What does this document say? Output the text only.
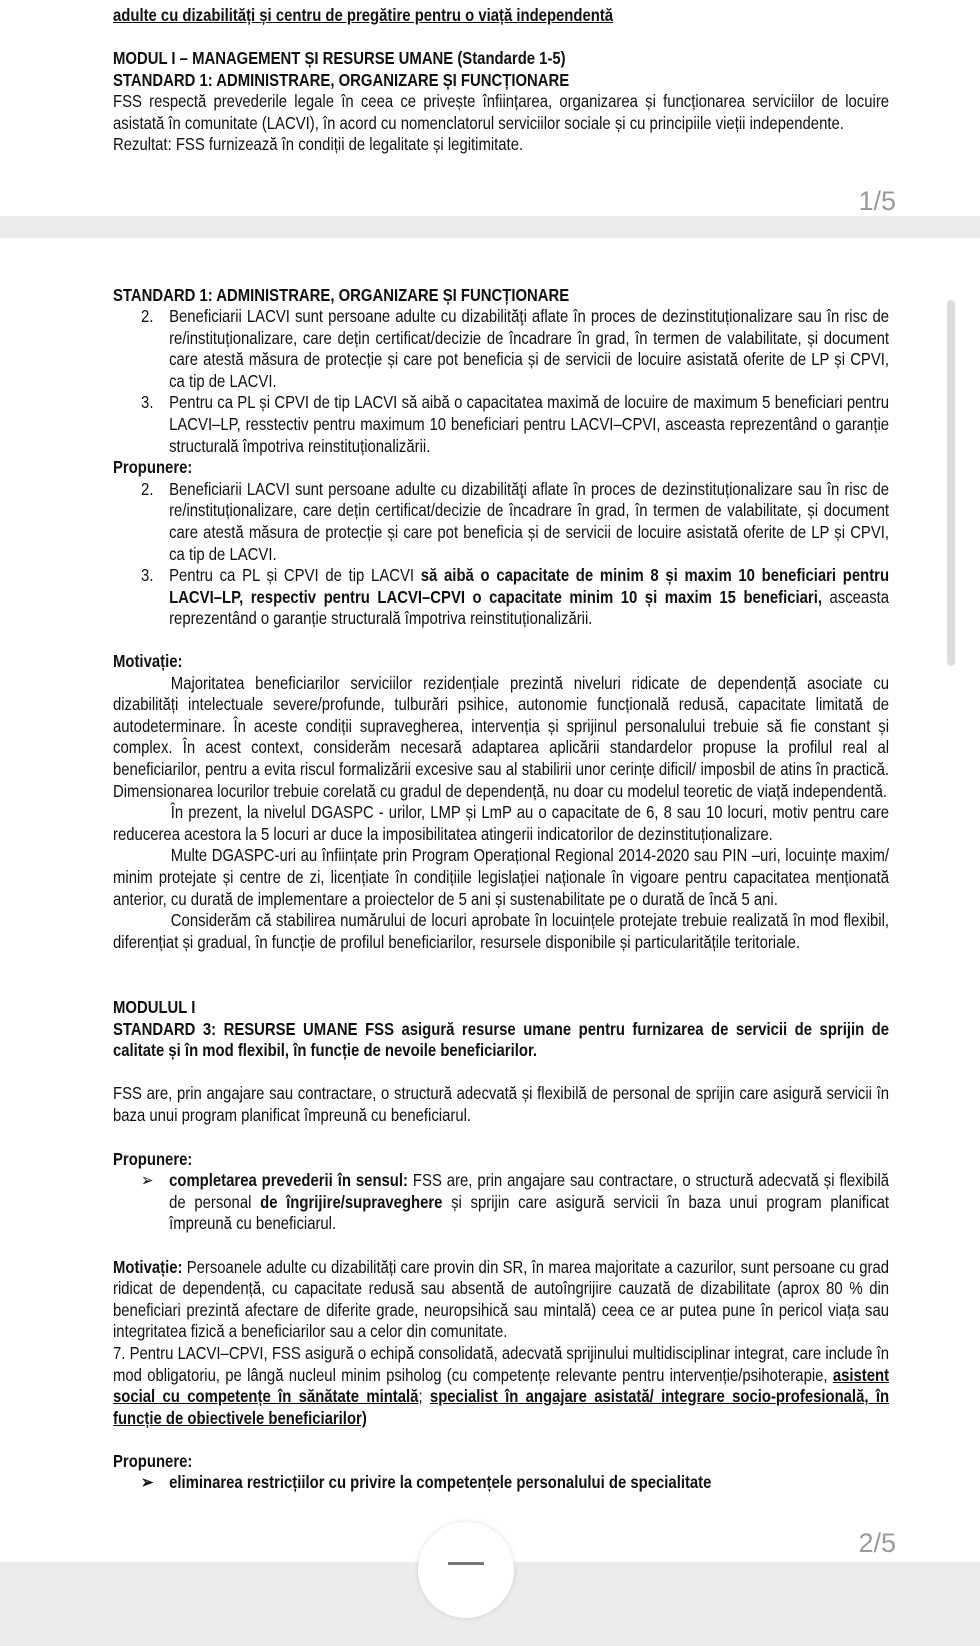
adulte cu dizabilități și centru de pregătire pentru o viață independentă
MODUL I – MANAGEMENT ȘI RESURSE UMANE (Standarde 1-5)
STANDARD 1: ADMINISTRARE, ORGANIZARE ȘI FUNCȚIONARE

FSS respectă prevederile legale în ceea ce privește înființarea, organizarea și funcționarea serviciilor de locuire asistată în comunitate (LACVI), în acord cu nomenclatorul serviciilor sociale și cu principiile vieții independente.

Rezultat: FSS furnizează în condiții de legalitate și legitimitate.

1/5
STANDARD 1: ADMINISTRARE, ORGANIZARE ȘI FUNCȚIONARE
2. Beneficiarii LACVI sunt persoane adulte cu dizabilităţi aflate în proces de dezinstituționalizare sau în risc de re/instituționalizare, care dețin certificat/decizie de încadrare în grad, în termen de valabilitate, și document care atestă măsura de protecție și care pot beneficia și de servicii de locuire asistată oferite de LP și CPVI, ca tip de LACVI.
3. Pentru ca PL și CPVI de tip LACVI să aibă o capacitatea maximă de locuire de maximum 5 beneficiari pentru LACVI–LP, resstectiv pentru maximum 10 beneficiari pentru LACVI–CPVI, asceasta reprezentând o garanție structurală împotriva reinstituționalizării.

Propunere:

2. Beneficiarii LACVI sunt persoane adulte cu dizabilităţi aflate în proces de dezinstituționalizare sau în risc de re/instituționalizare, care dețin certificat/decizie de încadrare în grad, în termen de valabilitate, și document care atestă măsura de protecție și care pot beneficia și de servicii de locuire asistată oferite de LP și CPVI, ca tip de LACVI.
3. Pentru ca PL și CPVI de tip LACVI să aibă o capacitate de minim 8 și maxim 10 beneficiari pentru LACVI–LP, respectiv pentru LACVI–CPVI o capacitate minim 10 și maxim 15 beneficiari, asceasta reprezentând o garanție structurală împotriva reinstituționalizării.

Motivație:

Majoritatea beneficiarilor serviciilor rezidențiale prezintă niveluri ridicate de dependență asociate cu dizabilități intelectuale severe/profunde, tulburări psihice, autonomie funcțională redusă, capacitate limitată de autodeterminare. În aceste condiții supravegherea, intervenția și sprijinul personalului trebuie să fie constant și complex. În acest context, considerăm necesară adaptarea aplicării standardelor propuse la profilul real al beneficiarilor, pentru a evita riscul formalizării excesive sau al stabilirii unor cerințe dificil/ imposbil de atins în practică. Dimensionarea locurilor trebuie corelată cu gradul de dependență, nu doar cu modelul teoretic de viață independentă.

În prezent, la nivelul DGASPC - urilor, LMP și LmP au o capacitate de 6, 8 sau 10 locuri, motiv pentru care reducerea acestora la 5 locuri ar duce la imposibilitatea atingerii indicatorilor de dezinstituționalizare.

Multe DGASPC-uri au înființate prin Program Operațional Regional 2014-2020 sau PIN –uri, locuințe maxim/ minim protejate și centre de zi, licențiate în condițiile legislației naționale în vigoare pentru capacitatea menționată anterior, cu durată de implementare a proiectelor de 5 ani și sustenabilitate pe o durată de încă 5 ani.

Considerăm că stabilirea numărului de locuri aprobate în locuințele protejate trebuie realizată în mod flexibil, diferențiat și gradual, în funcție de profilul beneficiarilor, resursele disponibile și particularitățile teritoriale.

MODULUL I

STANDARD 3: RESURSE UMANE FSS asigură resurse umane pentru furnizarea de servicii de sprijin de calitate și în mod flexibil, în funcție de nevoile beneficiarilor.

FSS are, prin angajare sau contractare, o structură adecvată și flexibilă de personal de sprijin care asigură servicii în baza unui program planificat împreună cu beneficiarul.

Propunere:

➢ completarea prevederii în sensul: FSS are, prin angajare sau contractare, o structură adecvată și flexibilă de personal de îngrijire/supraveghere și sprijin care asigură servicii în baza unui program planificat împreună cu beneficiarul.

Motivație: Persoanele adulte cu dizabilități care provin din SR, în marea majoritate a cazurilor, sunt persoane cu grad ridicat de dependență, cu capacitate redusă sau absentă de autoîngrijire cauzată de dizabilitate (aprox 80 % din beneficiari prezintă afectare de diferite grade, neuropsihică sau mintală) ceea ce ar putea pune în pericol viața sau integritatea fizică a beneficiarilor sau a celor din comunitate.

7. Pentru LACVI–CPVI, FSS asigură o echipă consolidată, adecvată sprijinului multidisciplinar integrat, care include în mod obligatoriu, pe lângă nucleul minim psiholog (cu competențe relevante pentru intervenție/psihoterapie, asistent social cu competențe în sănătate mintală; specialist în angajare asistată/ integrare socio-profesională, în funcție de obiectivele beneficiarilor)

Propunere:

➢ eliminarea restricțiilor cu privire la competențele personalului de specialitate
2/5
